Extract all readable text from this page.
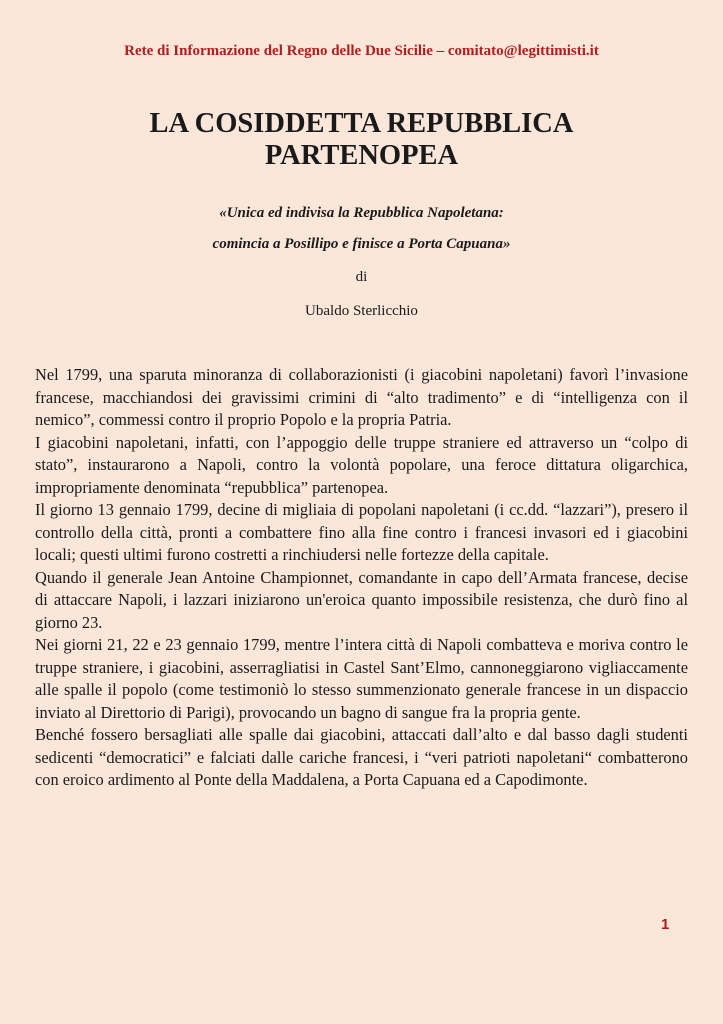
Rete di Informazione del Regno delle Due Sicilie – comitato@legittimisti.it
LA COSIDDETTA REPUBBLICA
PARTENOPEA
«Unica ed indivisa la Repubblica Napoletana:
comincia a Posillipo e finisce a Porta Capuana»
di
Ubaldo Sterlicchio

Nel 1799, una sparuta minoranza di collaborazionisti (i giacobini napoletani) favorì l’invasione francese, macchiandosi dei gravissimi crimini di “alto tradimento” e di “intelligenza con il nemico”, commessi contro il proprio Popolo e la propria Patria.

I giacobini napoletani, infatti, con l’appoggio delle truppe straniere ed attraverso un “colpo di stato”, instaurarono a Napoli, contro la volontà popolare, una feroce dittatura oligarchica, impropriamente denominata “repubblica” partenopea.

Il giorno 13 gennaio 1799, decine di migliaia di popolani napoletani (i cc.dd. “lazzari”), presero il controllo della città, pronti a combattere fino alla fine contro i francesi invasori ed i giacobini locali; questi ultimi furono costretti a rinchiudersi nelle fortezze della capitale.

Quando il generale Jean Antoine Championnet, comandante in capo dell’Armata francese, decise di attaccare Napoli, i lazzari iniziarono un'eroica quanto impossibile resistenza, che durò fino al giorno 23.

Nei giorni 21, 22 e 23 gennaio 1799, mentre l’intera città di Napoli combatteva e moriva contro le truppe straniere, i giacobini, asserragliatisi in Castel Sant’Elmo, cannoneggiarono vigliaccamente alle spalle il popolo (come testimoniò lo stesso summenzionato generale francese in un dispaccio inviato al Direttorio di Parigi), provocando un bagno di sangue fra la propria gente.

Benché fossero bersagliati alle spalle dai giacobini, attaccati dall’alto e dal basso dagli studenti sedicenti “democratici” e falciati dalle cariche francesi, i “veri patrioti napoletani“ combatterono con eroico ardimento al Ponte della Maddalena, a Porta Capuana ed a Capodimonte.

1
